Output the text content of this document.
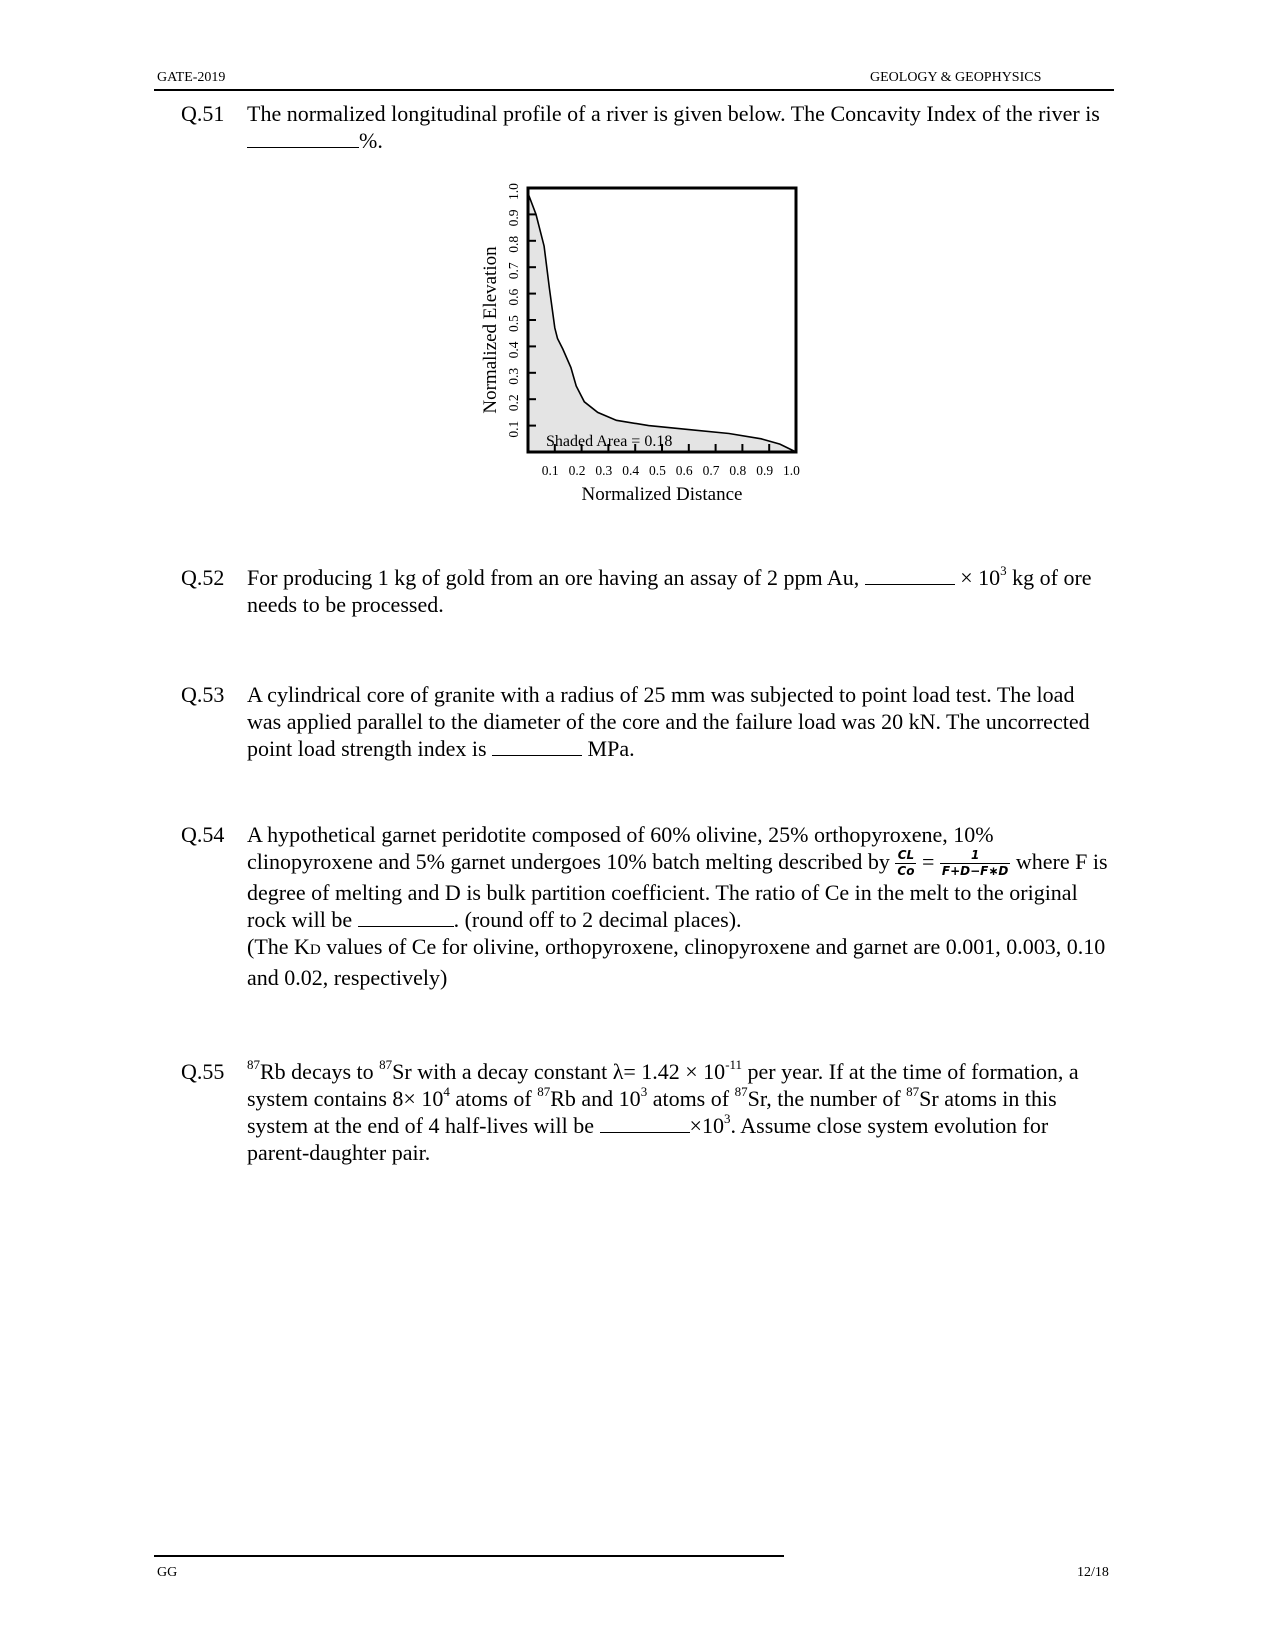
GATE-2019	GEOLOGY & GEOPHYSICS
Q.51 The normalized longitudinal profile of a river is given below. The Concavity Index of the river is%.
0.1 0.2 0.3 0.4 0.5 0.6 0.7 0.8 0.9 1.0
0.1
0.2
0.3
0.4
0.5
0.6
0.7
0.8
0.9
1.0
Normalized Distance
Normalized Elevation
Shaded Area = 0.18
Q.52 For producing 1 kg of gold from an ore having an assay of 2 ppm Au,	× $10^3$ kg of ore needs to be processed.
Q.53 A cylindrical core of granite with a radius of 25 mm was subjected to point load test. The load was applied parallel to the diameter of the core and the failure load was 20 kN. The uncorrected point load strength index is	MPa.
Q.54 A hypothetical garnet peridotite composed of 60% olivine, 25% orthopyroxene, 10% clinopyroxene and 5% garnet undergoes 10% batch melting described by $\frac{CL}{Co} = \frac{1}{F+D-F∗D}$ where F is degree of melting and D is bulk partition coefficient. The ratio of Ce in the melt to the original rock will be	. (round off to 2 decimal places).
(The KD values of Ce for olivine, orthopyroxene, clinopyroxene and garnet are 0.001, 0.003, 0.10 and 0.02, respectively)
Q.55 $^{87}$Rb decays to $^{87}$Sr with a decay constant $\lambda= 1.42 \times 10^{-11}$ per year. If at the time of formation, a system contains $8\times 10^4$ atoms of $^{87}$Rb and $10^3$ atoms of $^{87}$Sr, the number of $^{87}$Sr atoms in this system at the end of 4 half-lives will be	$\times 10^3$. Assume close system evolution for parent-daughter pair.
GG	12/18
